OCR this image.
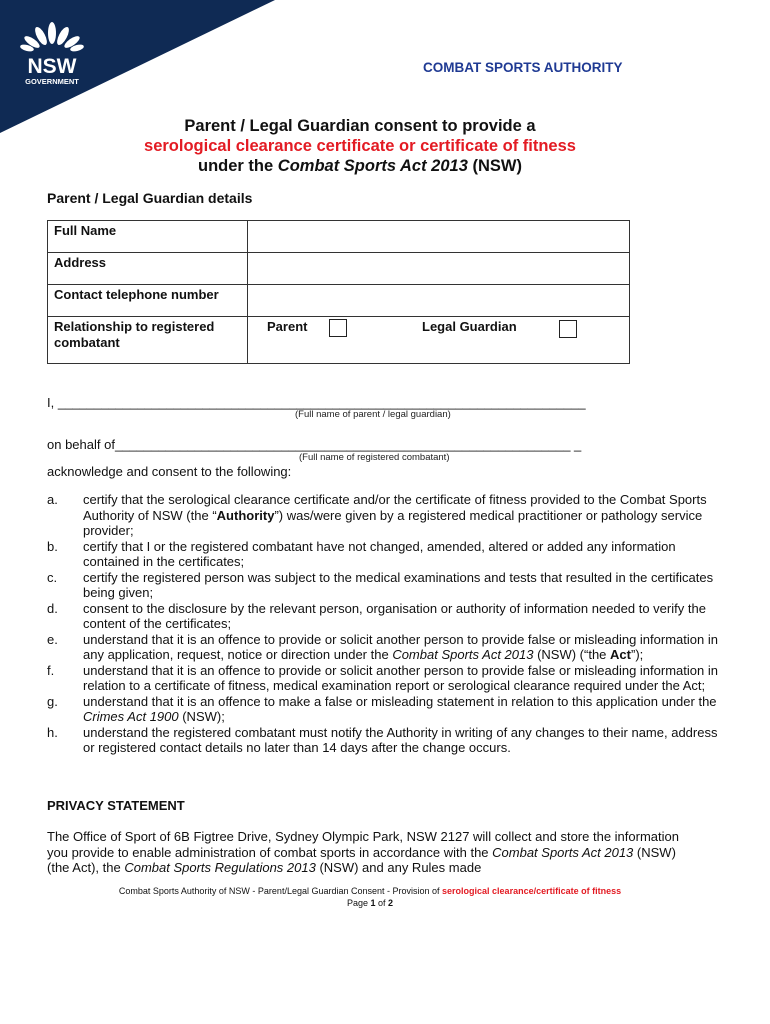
NSW
GOVERNMENT
COMBAT SPORTS AUTHORITY
Parent / Legal Guardian consent to provide a
serological clearance certificate or certificate of fitness
under the Combat Sports Act 2013 (NSW)
Parent / Legal Guardian details
Full Name	
Address	
Contact telephone number	
Relationship to registered combatant	Parent Legal Guardian
I, _________________________________________________________________________
(Full name of parent / legal guardian)
on behalf of_______________________________________________________________ _
(Full name of registered combatant)
acknowledge and consent to the following:
a. certify that the serological clearance certificate and/or the certificate of fitness provided to the Combat Sports Authority of NSW (the “Authority”) was/were given by a registered medical practitioner or pathology service provider;
b. certify that I or the registered combatant have not changed, amended, altered or added any information contained in the certificates;
c. certify the registered person was subject to the medical examinations and tests that resulted in the certificates being given;
d. consent to the disclosure by the relevant person, organisation or authority of information needed to verify the content of the certificates;
e. understand that it is an offence to provide or solicit another person to provide false or misleading information in any application, request, notice or direction under the Combat Sports Act 2013 (NSW) (“the Act”);
f. understand that it is an offence to provide or solicit another person to provide false or misleading information in relation to a certificate of fitness, medical examination report or serological clearance required under the Act;
g. understand that it is an offence to make a false or misleading statement in relation to this application under the Crimes Act 1900 (NSW);
h. understand the registered combatant must notify the Authority in writing of any changes to their name, address or registered contact details no later than 14 days after the change occurs.
PRIVACY STATEMENT
The Office of Sport of 6B Figtree Drive, Sydney Olympic Park, NSW 2127 will collect and store the information you provide to enable administration of combat sports in accordance with the Combat Sports Act 2013 (NSW) (the Act), the Combat Sports Regulations 2013 (NSW) and any Rules made
Combat Sports Authority of NSW - Parent/Legal Guardian Consent - Provision of serological clearance/certificate of fitness
Page 1 of 2
